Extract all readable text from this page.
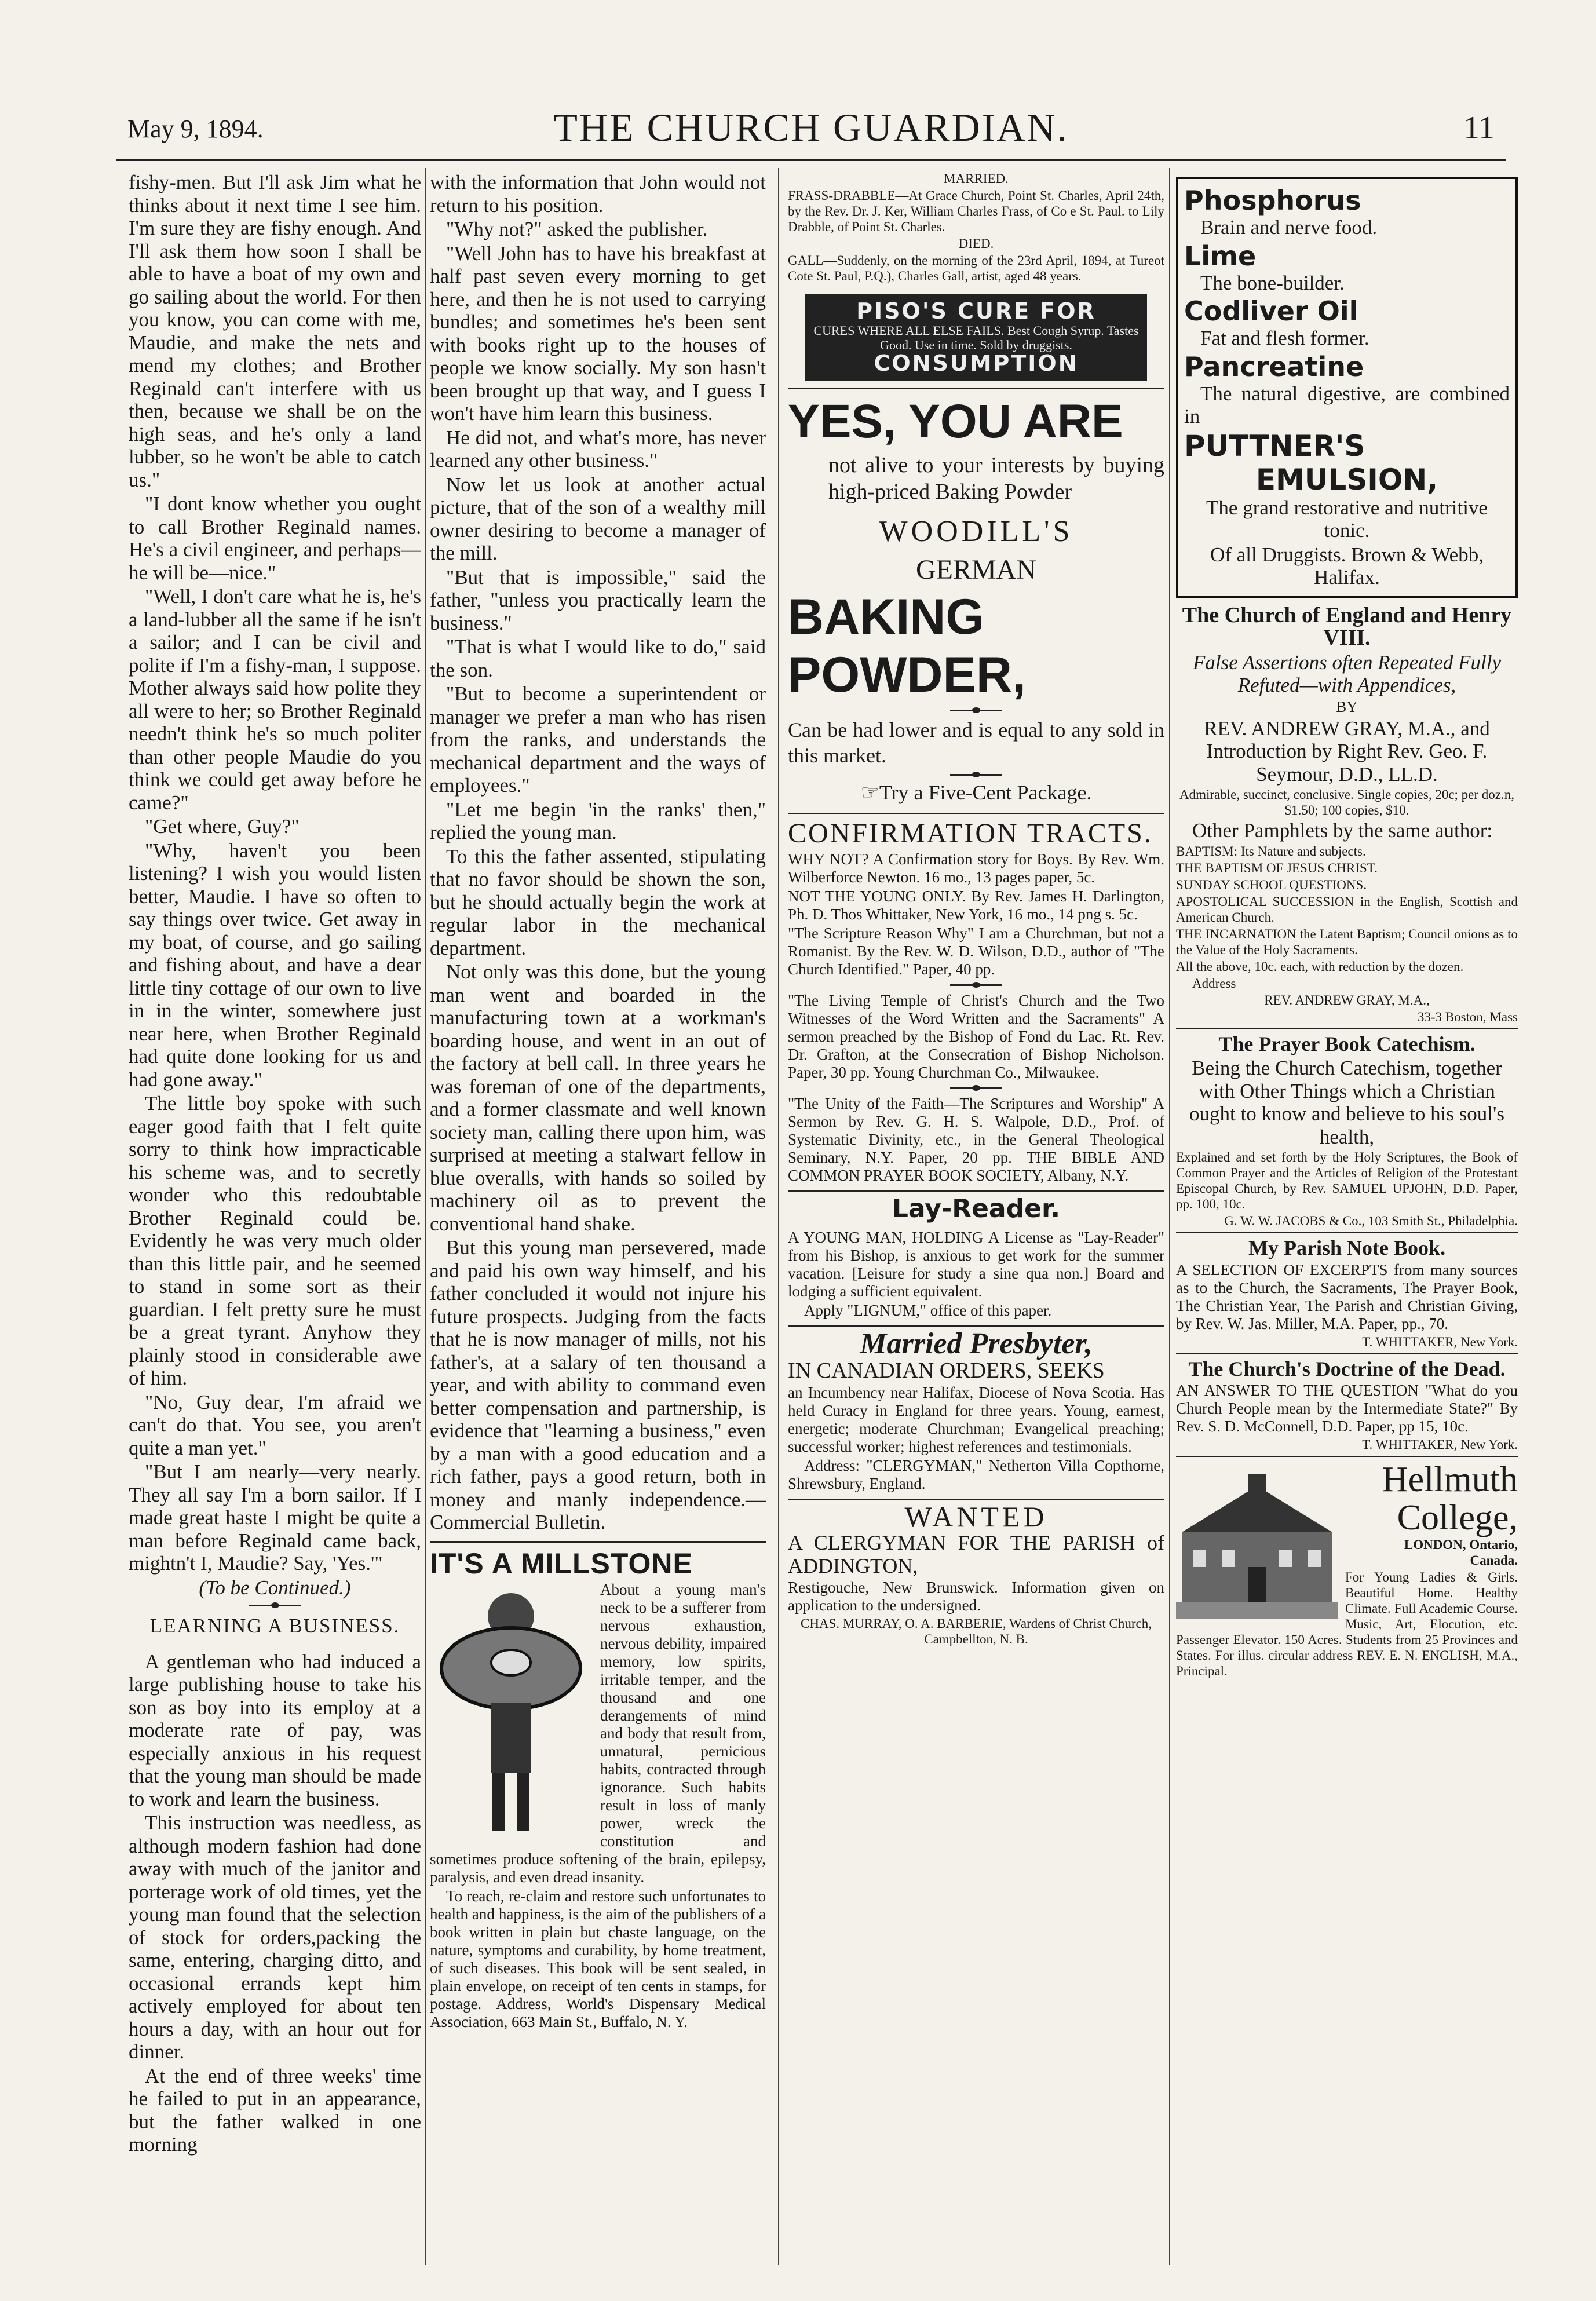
May 9, 1894.	THE CHURCH GUARDIAN.	11

fishy-men. But I'll ask Jim what he thinks about it next time I see him. I'm sure they are fishy enough. And I'll ask them how soon I shall be able to have a boat of my own and go sailing about the world. For then you know, you can come with me, Maudie, and make the nets and mend my clothes; and Brother Reginald can't interfere with us then, because we shall be on the high seas, and he's only a land lubber, so he won't be able to catch us."

"I dont know whether you ought to call Brother Reginald names. He's a civil engineer, and perhaps—he will be—nice."

"Well, I don't care what he is, he's a land-lubber all the same if he isn't a sailor; and I can be civil and polite if I'm a fishy-man, I suppose. Mother always said how polite they all were to her; so Brother Reginald needn't think he's so much politer than other people Maudie do you think we could get away before he came?"

"Get where, Guy?"

"Why, haven't you been listening? I wish you would listen better, Maudie. I have so often to say things over twice. Get away in my boat, of course, and go sailing and fishing about, and have a dear little tiny cottage of our own to live in in the winter, somewhere just near here, when Brother Reginald had quite done looking for us and had gone away."

The little boy spoke with such eager good faith that I felt quite sorry to think how impracticable his scheme was, and to secretly wonder who this redoubtable Brother Reginald could be. Evidently he was very much older than this little pair, and he seemed to stand in some sort as their guardian. I felt pretty sure he must be a great tyrant. Anyhow they plainly stood in considerable awe of him.

"No, Guy dear, I'm afraid we can't do that. You see, you aren't quite a man yet."

"But I am nearly—very nearly. They all say I'm a born sailor. If I made great haste I might be quite a man before Reginald came back, mightn't I, Maudie? Say, 'Yes.'"

(To be Continued.)

LEARNING A BUSINESS.

A gentleman who had induced a large publishing house to take his son as boy into its employ at a moderate rate of pay, was especially anxious in his request that the young man should be made to work and learn the business.

This instruction was needless, as although modern fashion had done away with much of the janitor and porterage work of old times, yet the young man found that the selection of stock for orders,packing the same, entering, charging ditto, and occasional errands kept him actively employed for about ten hours a day, with an hour out for dinner.

At the end of three weeks' time he failed to put in an appearance, but the father walked in one morning

with the information that John would not return to his position.

"Why not?" asked the publisher.

"Well John has to have his breakfast at half past seven every morning to get here, and then he is not used to carrying bundles; and sometimes he's been sent with books right up to the houses of people we know socially. My son hasn't been brought up that way, and I guess I won't have him learn this business.

He did not, and what's more, has never learned any other business."

Now let us look at another actual picture, that of the son of a wealthy mill owner desiring to become a manager of the mill.

"But that is impossible," said the father, "unless you practically learn the business."

"That is what I would like to do," said the son.

"But to become a superintendent or manager we prefer a man who has risen from the ranks, and understands the mechanical department and the ways of employees."

"Let me begin 'in the ranks' then," replied the young man.

To this the father assented, stipulating that no favor should be shown the son, but he should actually begin the work at regular labor in the mechanical department.

Not only was this done, but the young man went and boarded in the manufacturing town at a workman's boarding house, and went in an out of the factory at bell call. In three years he was foreman of one of the departments, and a former classmate and well known society man, calling there upon him, was surprised at meeting a stalwart fellow in blue overalls, with hands so soiled by machinery oil as to prevent the conventional hand shake.

But this young man persevered, made and paid his own way himself, and his father concluded it would not injure his future prospects. Judging from the facts that he is now manager of mills, not his father's, at a salary of ten thousand a year, and with ability to command even better compensation and partnership, is evidence that "learning a business," even by a man with a good education and a rich father, pays a good return, both in money and manly independence.—Commercial Bulletin.

IT'S A MILLSTONE

About a young man's neck to be a sufferer from nervous exhaustion, nervous debility, impaired memory, low spirits, irritable temper, and the thousand and one derangements of mind and body that result from, unnatural, pernicious habits, contracted through ignorance. Such habits result in loss of manly power, wreck the constitution and sometimes produce softening of the brain, epilepsy, paralysis, and even dread insanity.

To reach, re-claim and restore such unfortunates to health and happiness, is the aim of the publishers of a book written in plain but chaste language, on the nature, symptoms and curability, by home treatment, of such diseases. This book will be sent sealed, in plain envelope, on receipt of ten cents in stamps, for postage. Address, World's Dispensary Medical Association, 663 Main St., Buffalo, N. Y.

MARRIED.

FRASS-DRABBLE—At Grace Church, Point St. Charles, April 24th, by the Rev. Dr. J. Ker, William Charles Frass, of Co e St. Paul. to Lily Drabble, of Point St. Charles.

DIED.

GALL—Suddenly, on the morning of the 23rd April, 1894, at Tureot Cote St. Paul, P.Q.), Charles Gall, artist, aged 48 years.

PISO'S CURE FOR
CURES WHERE ALL ELSE FAILS. Best Cough Syrup. Tastes Good. Use in time. Sold by druggists.
CONSUMPTION
YES, YOU ARE

not alive to your interests by buying high-priced Baking Powder

WOODILL'S

GERMAN

BAKING POWDER,

Can be had lower and is equal to any sold in this market.

☞Try a Five-Cent Package.

CONFIRMATION TRACTS.

WHY NOT? A Confirmation story for Boys. By Rev. Wm. Wilberforce Newton. 16 mo., 13 pages paper, 5c.

NOT THE YOUNG ONLY. By Rev. James H. Darlington, Ph. D. Thos Whittaker, New York, 16 mo., 14 png s. 5c.

"The Scripture Reason Why" I am a Churchman, but not a Romanist. By the Rev. W. D. Wilson, D.D., author of "The Church Identified." Paper, 40 pp.

"The Living Temple of Christ's Church and the Two Witnesses of the Word Written and the Sacraments" A sermon preached by the Bishop of Fond du Lac. Rt. Rev. Dr. Grafton, at the Consecration of Bishop Nicholson. Paper, 30 pp. Young Churchman Co., Milwaukee.

"The Unity of the Faith—The Scriptures and Worship" A Sermon by Rev. G. H. S. Walpole, D.D., Prof. of Systematic Divinity, etc., in the General Theological Seminary, N.Y. Paper, 20 pp. THE BIBLE AND COMMON PRAYER BOOK SOCIETY, Albany, N.Y.

Lay-Reader.

A YOUNG MAN, HOLDING A License as "Lay-Reader" from his Bishop, is anxious to get work for the summer vacation. [Leisure for study a sine qua non.] Board and lodging a sufficient equivalent.

Apply "LIGNUM," office of this paper.

Married Presbyter,

IN CANADIAN ORDERS, SEEKS

an Incumbency near Halifax, Diocese of Nova Scotia. Has held Curacy in England for three years. Young, earnest, energetic; moderate Churchman; Evangelical preaching; successful worker; highest references and testimonials.

Address: "CLERGYMAN," Netherton Villa Copthorne, Shrewsbury, England.

WANTED

A CLERGYMAN FOR THE PARISH of ADDINGTON,

Restigouche, New Brunswick. Information given on application to the undersigned.

CHAS. MURRAY, O. A. BARBERIE, Wardens of Christ Church, Campbellton, N. B.

Phosphorus

Brain and nerve food.

Lime

The bone-builder.

Codliver Oil

Fat and flesh former.

Pancreatine

The natural digestive, are combined in

PUTTNER'S
EMULSION,

The grand restorative and nutritive tonic.

Of all Druggists. Brown & Webb, Halifax.

The Church of England and Henry VIII.

False Assertions often Repeated Fully Refuted—with Appendices,

BY

REV. ANDREW GRAY, M.A., and Introduction by Right Rev. Geo. F. Seymour, D.D., LL.D.

Admirable, succinct, conclusive. Single copies, 20c; per doz.n, $1.50; 100 copies, $10.

Other Pamphlets by the same author:

BAPTISM: Its Nature and subjects.

THE BAPTISM OF JESUS CHRIST.

SUNDAY SCHOOL QUESTIONS.

APOSTOLICAL SUCCESSION in the English, Scottish and American Church.

THE INCARNATION the Latent Baptism; Council onions as to the Value of the Holy Sacraments.

All the above, 10c. each, with reduction by the dozen.

Address

REV. ANDREW GRAY, M.A.,

33-3 Boston, Mass

The Prayer Book Catechism.

Being the Church Catechism, together with Other Things which a Christian ought to know and believe to his soul's health,

Explained and set forth by the Holy Scriptures, the Book of Common Prayer and the Articles of Religion of the Protestant Episcopal Church, by Rev. SAMUEL UPJOHN, D.D. Paper, pp. 100, 10c.

G. W. W. JACOBS & Co., 103 Smith St., Philadelphia.

My Parish Note Book.

A SELECTION OF EXCERPTS from many sources as to the Church, the Sacraments, The Prayer Book, The Christian Year, The Parish and Christian Giving, by Rev. W. Jas. Miller, M.A. Paper, pp., 70.

T. WHITTAKER, New York.

The Church's Doctrine of the Dead.

AN ANSWER TO THE QUESTION "What do you Church People mean by the Intermediate State?" By Rev. S. D. McConnell, D.D. Paper, pp 15, 10c.

T. WHITTAKER, New York.

Hellmuth
College,

LONDON, Ontario, Canada.

For Young Ladies & Girls. Beautiful Home. Healthy Climate. Full Academic Course. Music, Art, Elocution, etc. Passenger Elevator. 150 Acres. Students from 25 Provinces and States. For illus. circular address REV. E. N. ENGLISH, M.A., Principal.
